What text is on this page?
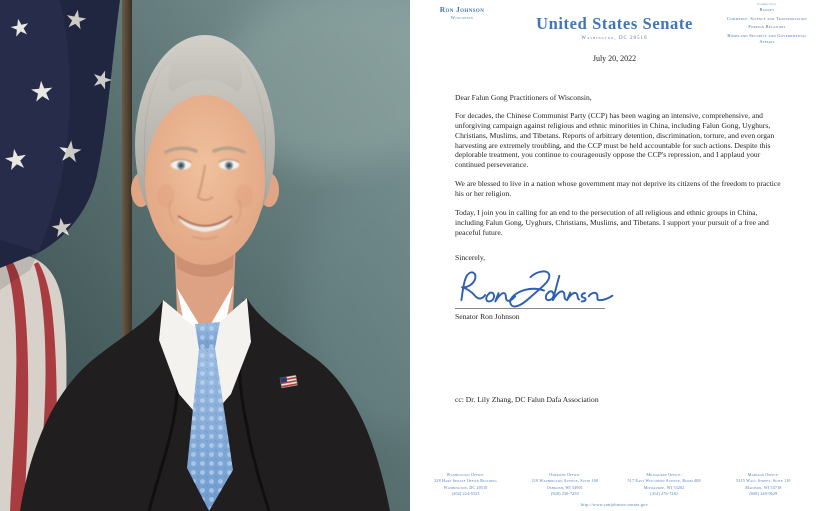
Ron Johnson
Wisconsin	United States Senate
Washington, DC 20510
Committees:
Budget
Commerce, Science and Transportation
Foreign Relations
Homeland Security and Governmental Affairs
July 20, 2022
Dear Falun Gong Practitioners of Wisconsin,
For decades, the Chinese Communist Party (CCP) has been waging an intensive, comprehensive, and unforgiving campaign against religious and ethnic minorities in China, including Falun Gong, Uyghurs, Christians, Muslims, and Tibetans. Reports of arbitrary detention, discrimination, torture, and even organ harvesting are extremely troubling, and the CCP must be held accountable for such actions. Despite this deplorable treatment, you continue to courageously oppose the CCP's repression, and I applaud your continued perseverance.
We are blessed to live in a nation whose government may not deprive its citizens of the freedom to practice his or her religion.
Today, I join you in calling for an end to the persecution of all religious and ethnic groups in China, including Falun Gong, Uyghurs, Christians, Muslims, and Tibetans. I support your pursuit of a free and peaceful future.
Sincerely,
Senator Ron Johnson
cc: Dr. Lily Zhang, DC Falun Dafa Association
Washington Office:
328 Hart Senate Office Building
Washington, DC 20510
(202) 224-5323
Oshkosh Office:
219 Washington Avenue, Suite 100
Oshkosh, WI 54901
(920) 230-7250
Milwaukee Office:
517 East Wisconsin Avenue, Room 408
Milwaukee, WI 53202
(414) 276-7282
Madison Office:
5315 Wall Street, Suite 110
Madison, WI 53718
(608) 240-9629
http://www.ronjohnson.senate.gov
